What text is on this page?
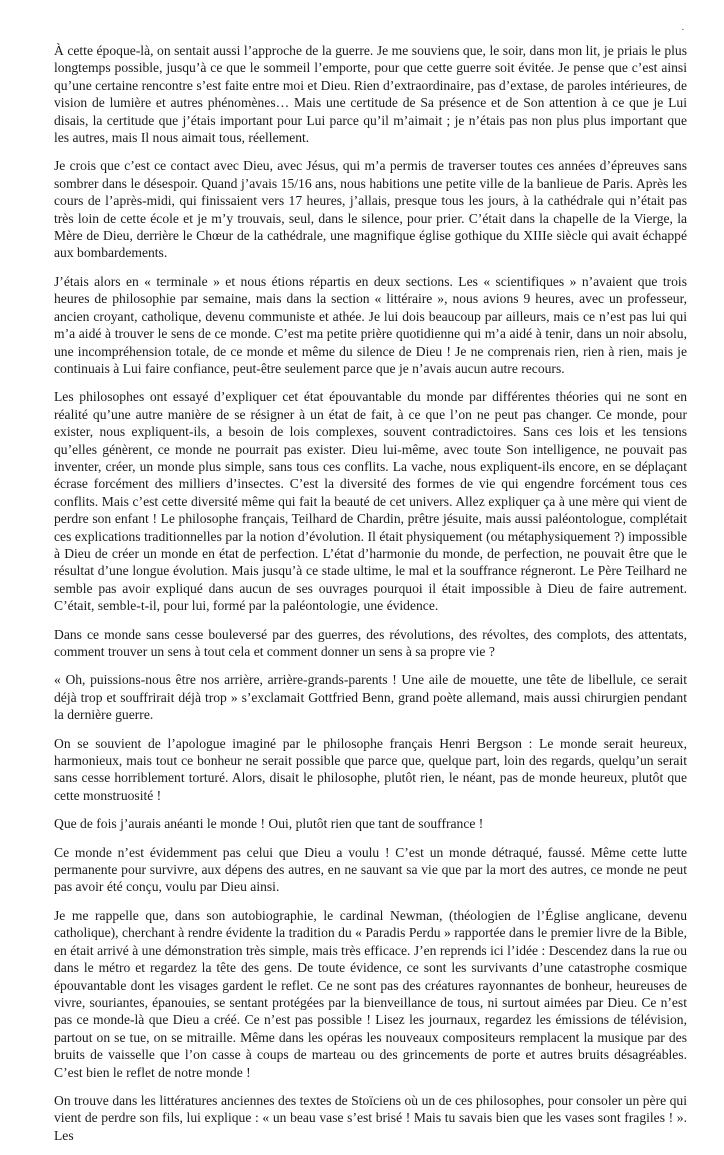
·

À cette époque-là, on sentait aussi l’approche de la guerre. Je me souviens que, le soir, dans mon lit, je priais le plus longtemps possible, jusqu’à ce que le sommeil l’emporte, pour que cette guerre soit évitée. Je pense que c’est ainsi qu’une certaine rencontre s’est faite entre moi et Dieu. Rien d’extraordinaire, pas d’extase, de paroles intérieures, de vision de lumière et autres phénomènes… Mais une certitude de Sa présence et de Son attention à ce que je Lui disais, la certitude que j’étais important pour Lui parce qu’il m’aimait ; je n’étais pas non plus plus important que les autres, mais Il nous aimait tous, réellement.

Je crois que c’est ce contact avec Dieu, avec Jésus, qui m’a permis de traverser toutes ces années d’épreuves sans sombrer dans le désespoir. Quand j’avais 15/16 ans, nous habitions une petite ville de la banlieue de Paris. Après les cours de l’après-midi, qui finissaient vers 17 heures, j’allais, presque tous les jours, à la cathédrale qui n’était pas très loin de cette école et je m’y trouvais, seul, dans le silence, pour prier. C’était dans la chapelle de la Vierge, la Mère de Dieu, derrière le Chœur de la cathédrale, une magnifique église gothique du XIIIe siècle qui avait échappé aux bombardements.

J’étais alors en « terminale » et nous étions répartis en deux sections. Les « scientifiques » n’avaient que trois heures de philosophie par semaine, mais dans la section « littéraire », nous avions 9 heures, avec un professeur, ancien croyant, catholique, devenu communiste et athée. Je lui dois beaucoup par ailleurs, mais ce n’est pas lui qui m’a aidé à trouver le sens de ce monde. C’est ma petite prière quotidienne qui m’a aidé à tenir, dans un noir absolu, une incompréhension totale, de ce monde et même du silence de Dieu ! Je ne comprenais rien, rien à rien, mais je continuais à Lui faire confiance, peut-être seulement parce que je n’avais aucun autre recours.

Les philosophes ont essayé d’expliquer cet état épouvantable du monde par différentes théories qui ne sont en réalité qu’une autre manière de se résigner à un état de fait, à ce que l’on ne peut pas changer. Ce monde, pour exister, nous expliquent-ils, a besoin de lois complexes, souvent contradictoires. Sans ces lois et les tensions qu’elles génèrent, ce monde ne pourrait pas exister. Dieu lui-même, avec toute Son intelligence, ne pouvait pas inventer, créer, un monde plus simple, sans tous ces conflits. La vache, nous expliquent-ils encore, en se déplaçant écrase forcément des milliers d’insectes. C’est la diversité des formes de vie qui engendre forcément tous ces conflits. Mais c’est cette diversité même qui fait la beauté de cet univers. Allez expliquer ça à une mère qui vient de perdre son enfant ! Le philosophe français, Teilhard de Chardin, prêtre jésuite, mais aussi paléontologue, complétait ces explications traditionnelles par la notion d’évolution. Il était physiquement (ou métaphysiquement ?) impossible à Dieu de créer un monde en état de perfection. L’état d’harmonie du monde, de perfection, ne pouvait être que le résultat d’une longue évolution. Mais jusqu’à ce stade ultime, le mal et la souffrance régneront. Le Père Teilhard ne semble pas avoir expliqué dans aucun de ses ouvrages pourquoi il était impossible à Dieu de faire autrement. C’était, semble-t-il, pour lui, formé par la paléontologie, une évidence.

Dans ce monde sans cesse bouleversé par des guerres, des révolutions, des révoltes, des complots, des attentats, comment trouver un sens à tout cela et comment donner un sens à sa propre vie ?

« Oh, puissions-nous être nos arrière, arrière-grands-parents ! Une aile de mouette, une tête de libellule, ce serait déjà trop et souffrirait déjà trop » s’exclamait Gottfried Benn, grand poète allemand, mais aussi chirurgien pendant la dernière guerre.

On se souvient de l’apologue imaginé par le philosophe français Henri Bergson : Le monde serait heureux, harmonieux, mais tout ce bonheur ne serait possible que parce que, quelque part, loin des regards, quelqu’un serait sans cesse horriblement torturé. Alors, disait le philosophe, plutôt rien, le néant, pas de monde heureux, plutôt que cette monstruosité !

Que de fois j’aurais anéanti le monde ! Oui, plutôt rien que tant de souffrance !

Ce monde n’est évidemment pas celui que Dieu a voulu ! C’est un monde détraqué, faussé. Même cette lutte permanente pour survivre, aux dépens des autres, en ne sauvant sa vie que par la mort des autres, ce monde ne peut pas avoir été conçu, voulu par Dieu ainsi.

Je me rappelle que, dans son autobiographie, le cardinal Newman, (théologien de l’Église anglicane, devenu catholique), cherchant à rendre évidente la tradition du « Paradis Perdu » rapportée dans le premier livre de la Bible, en était arrivé à une démonstration très simple, mais très efficace. J’en reprends ici l’idée : Descendez dans la rue ou dans le métro et regardez la tête des gens. De toute évidence, ce sont les survivants d’une catastrophe cosmique épouvantable dont les visages gardent le reflet. Ce ne sont pas des créatures rayonnantes de bonheur, heureuses de vivre, souriantes, épanouies, se sentant protégées par la bienveillance de tous, ni surtout aimées par Dieu. Ce n’est pas ce monde-là que Dieu a créé. Ce n’est pas possible ! Lisez les journaux, regardez les émissions de télévision, partout on se tue, on se mitraille. Même dans les opéras les nouveaux compositeurs remplacent la musique par des bruits de vaisselle que l’on casse à coups de marteau ou des grincements de porte et autres bruits désagréables. C’est bien le reflet de notre monde !

On trouve dans les littératures anciennes des textes de Stoïciens où un de ces philosophes, pour consoler un père qui vient de perdre son fils, lui explique : « un beau vase s’est brisé ! Mais tu savais bien que les vases sont fragiles ! ». Les
